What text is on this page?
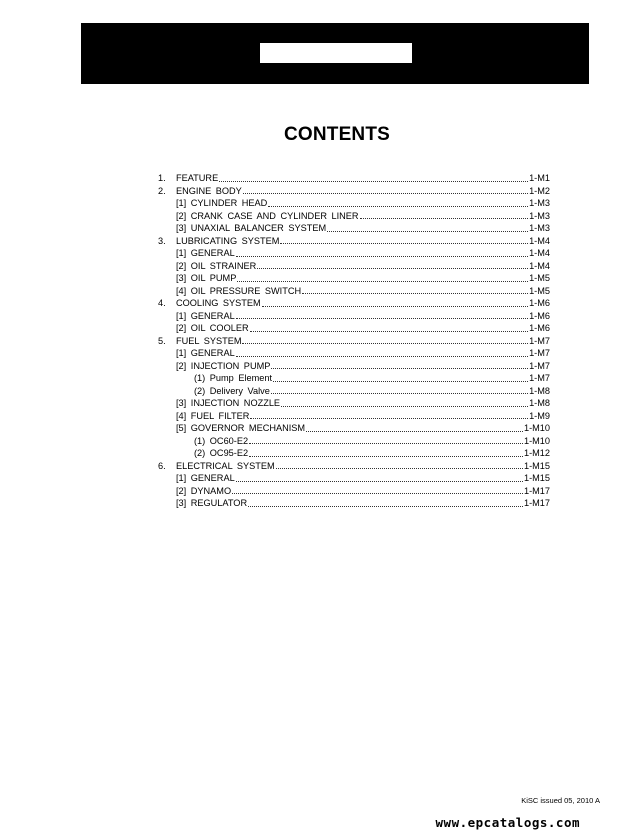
CONTENTS
1.	FEATURE	1-M1
2.	ENGINE BODY	1-M2
[1] CYLINDER HEAD	1-M3
[2] CRANK CASE AND CYLINDER LINER	1-M3
[3] UNAXIAL BALANCER SYSTEM	1-M3
3.	LUBRICATING SYSTEM	1-M4
[1] GENERAL	1-M4
[2] OIL STRAINER	1-M4
[3] OIL PUMP	1-M5
[4] OIL PRESSURE SWITCH	1-M5
4.	COOLING SYSTEM	1-M6
[1] GENERAL	1-M6
[2] OIL COOLER	1-M6
5.	FUEL SYSTEM	1-M7
[1] GENERAL	1-M7
[2] INJECTION PUMP	1-M7
(1) Pump Element	1-M7
(2) Delivery Valve	1-M8
[3] INJECTION NOZZLE	1-M8
[4] FUEL FILTER	1-M9
[5] GOVERNOR MECHANISM	1-M10
(1) OC60-E2	1-M10
(2) OC95-E2	1-M12
6.	ELECTRICAL SYSTEM	1-M15
[1] GENERAL	1-M15
[2] DYNAMO	1-M17
[3] REGULATOR	1-M17
KiSC issued 05, 2010 A
www.epcatalogs.com
